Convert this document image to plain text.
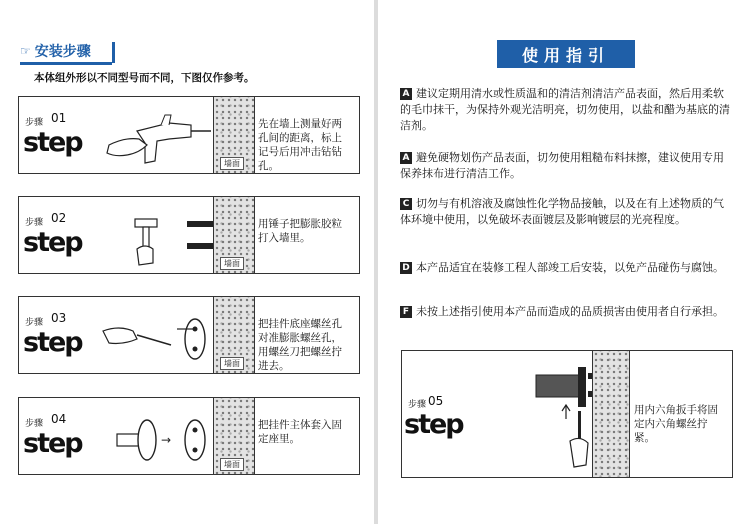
☞ 安装步骤
本体组外形以不同型号而不同，下图仅作参考。
步骤 01
step
墙面
先在墙上测量好两孔间的距离，标上记号后用冲击钻钻孔。
步骤 02
step
墙面
用锤子把膨胀胶粒打入墙里。
步骤 03
step
墙面
把挂件底座螺丝孔对准膨胀螺丝孔，用螺丝刀把螺丝拧进去。
步骤 04
step	→
墙面
把挂件主体套入固定座里。
使用指引
A 建议定期用清水或性质温和的清洁剂清洁产品表面，然后用柔软的毛巾抹干，为保持外观光洁明亮，切勿使用，以盐和醋为基底的清洁剂。
A 避免硬物划伤产品表面，切勿使用粗糙布料抹擦，建议使用专用保养抹布进行清洁工作。
C 切勿与有机溶液及腐蚀性化学物品接触，以及在有上述物质的气体环境中使用，以免破坏表面镀层及影响镀层的光亮程度。
D 本产品适宜在装修工程人部竣工后安装，以免产品碰伤与腐蚀。
F 未按上述指引使用本产品而造成的品质损害由使用者自行承担。
步骤 05
step	用内六角扳手将固定内六角螺丝拧紧。
